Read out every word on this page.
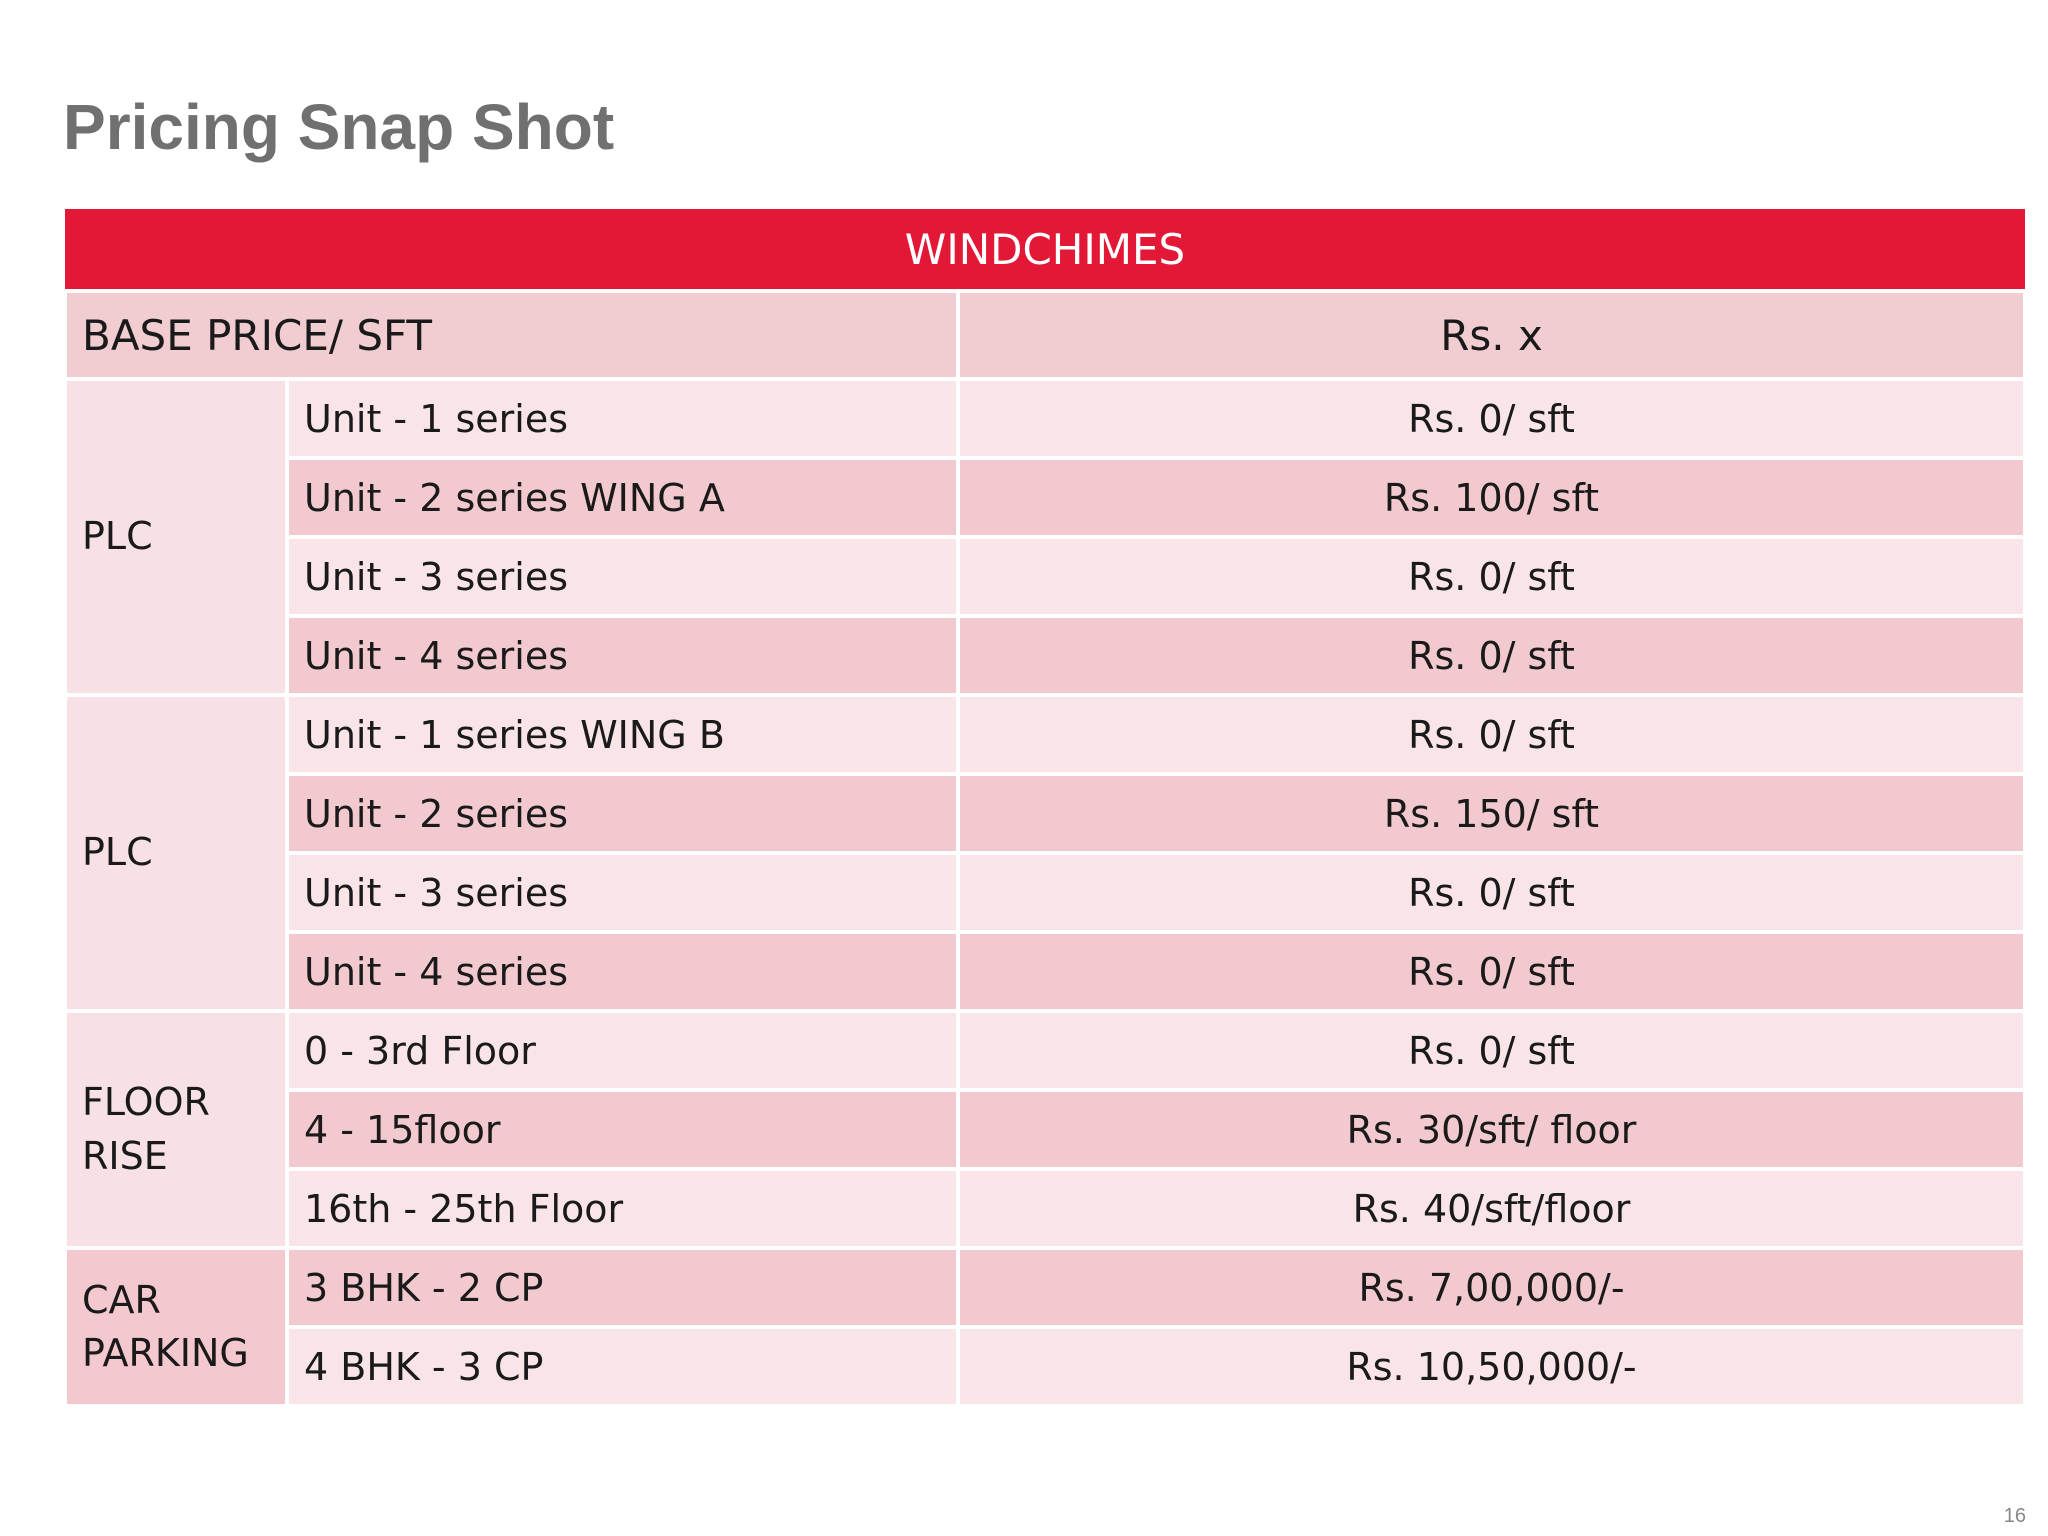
Pricing Snap Shot
WINDCHIMES		
BASE PRICE/ SFT		Rs. x
PLC	Unit - 1 series	Rs. 0/ sft
	Unit - 2 series WING A	Rs. 100/ sft
	Unit - 3 series	Rs. 0/ sft
	Unit - 4 series	Rs. 0/ sft
PLC	Unit - 1 series WING B	Rs. 0/ sft
	Unit - 2 series	Rs. 150/ sft
	Unit - 3 series	Rs. 0/ sft
	Unit - 4 series	Rs. 0/ sft
FLOOR
RISE	0 - 3rd Floor	Rs. 0/ sft
	4 - 15floor	Rs. 30/sft/ floor
	16th - 25th Floor	Rs. 40/sft/floor
CAR
PARKING	3 BHK - 2 CP	Rs. 7,00,000/-
	4 BHK - 3 CP	Rs. 10,50,000/-
16
